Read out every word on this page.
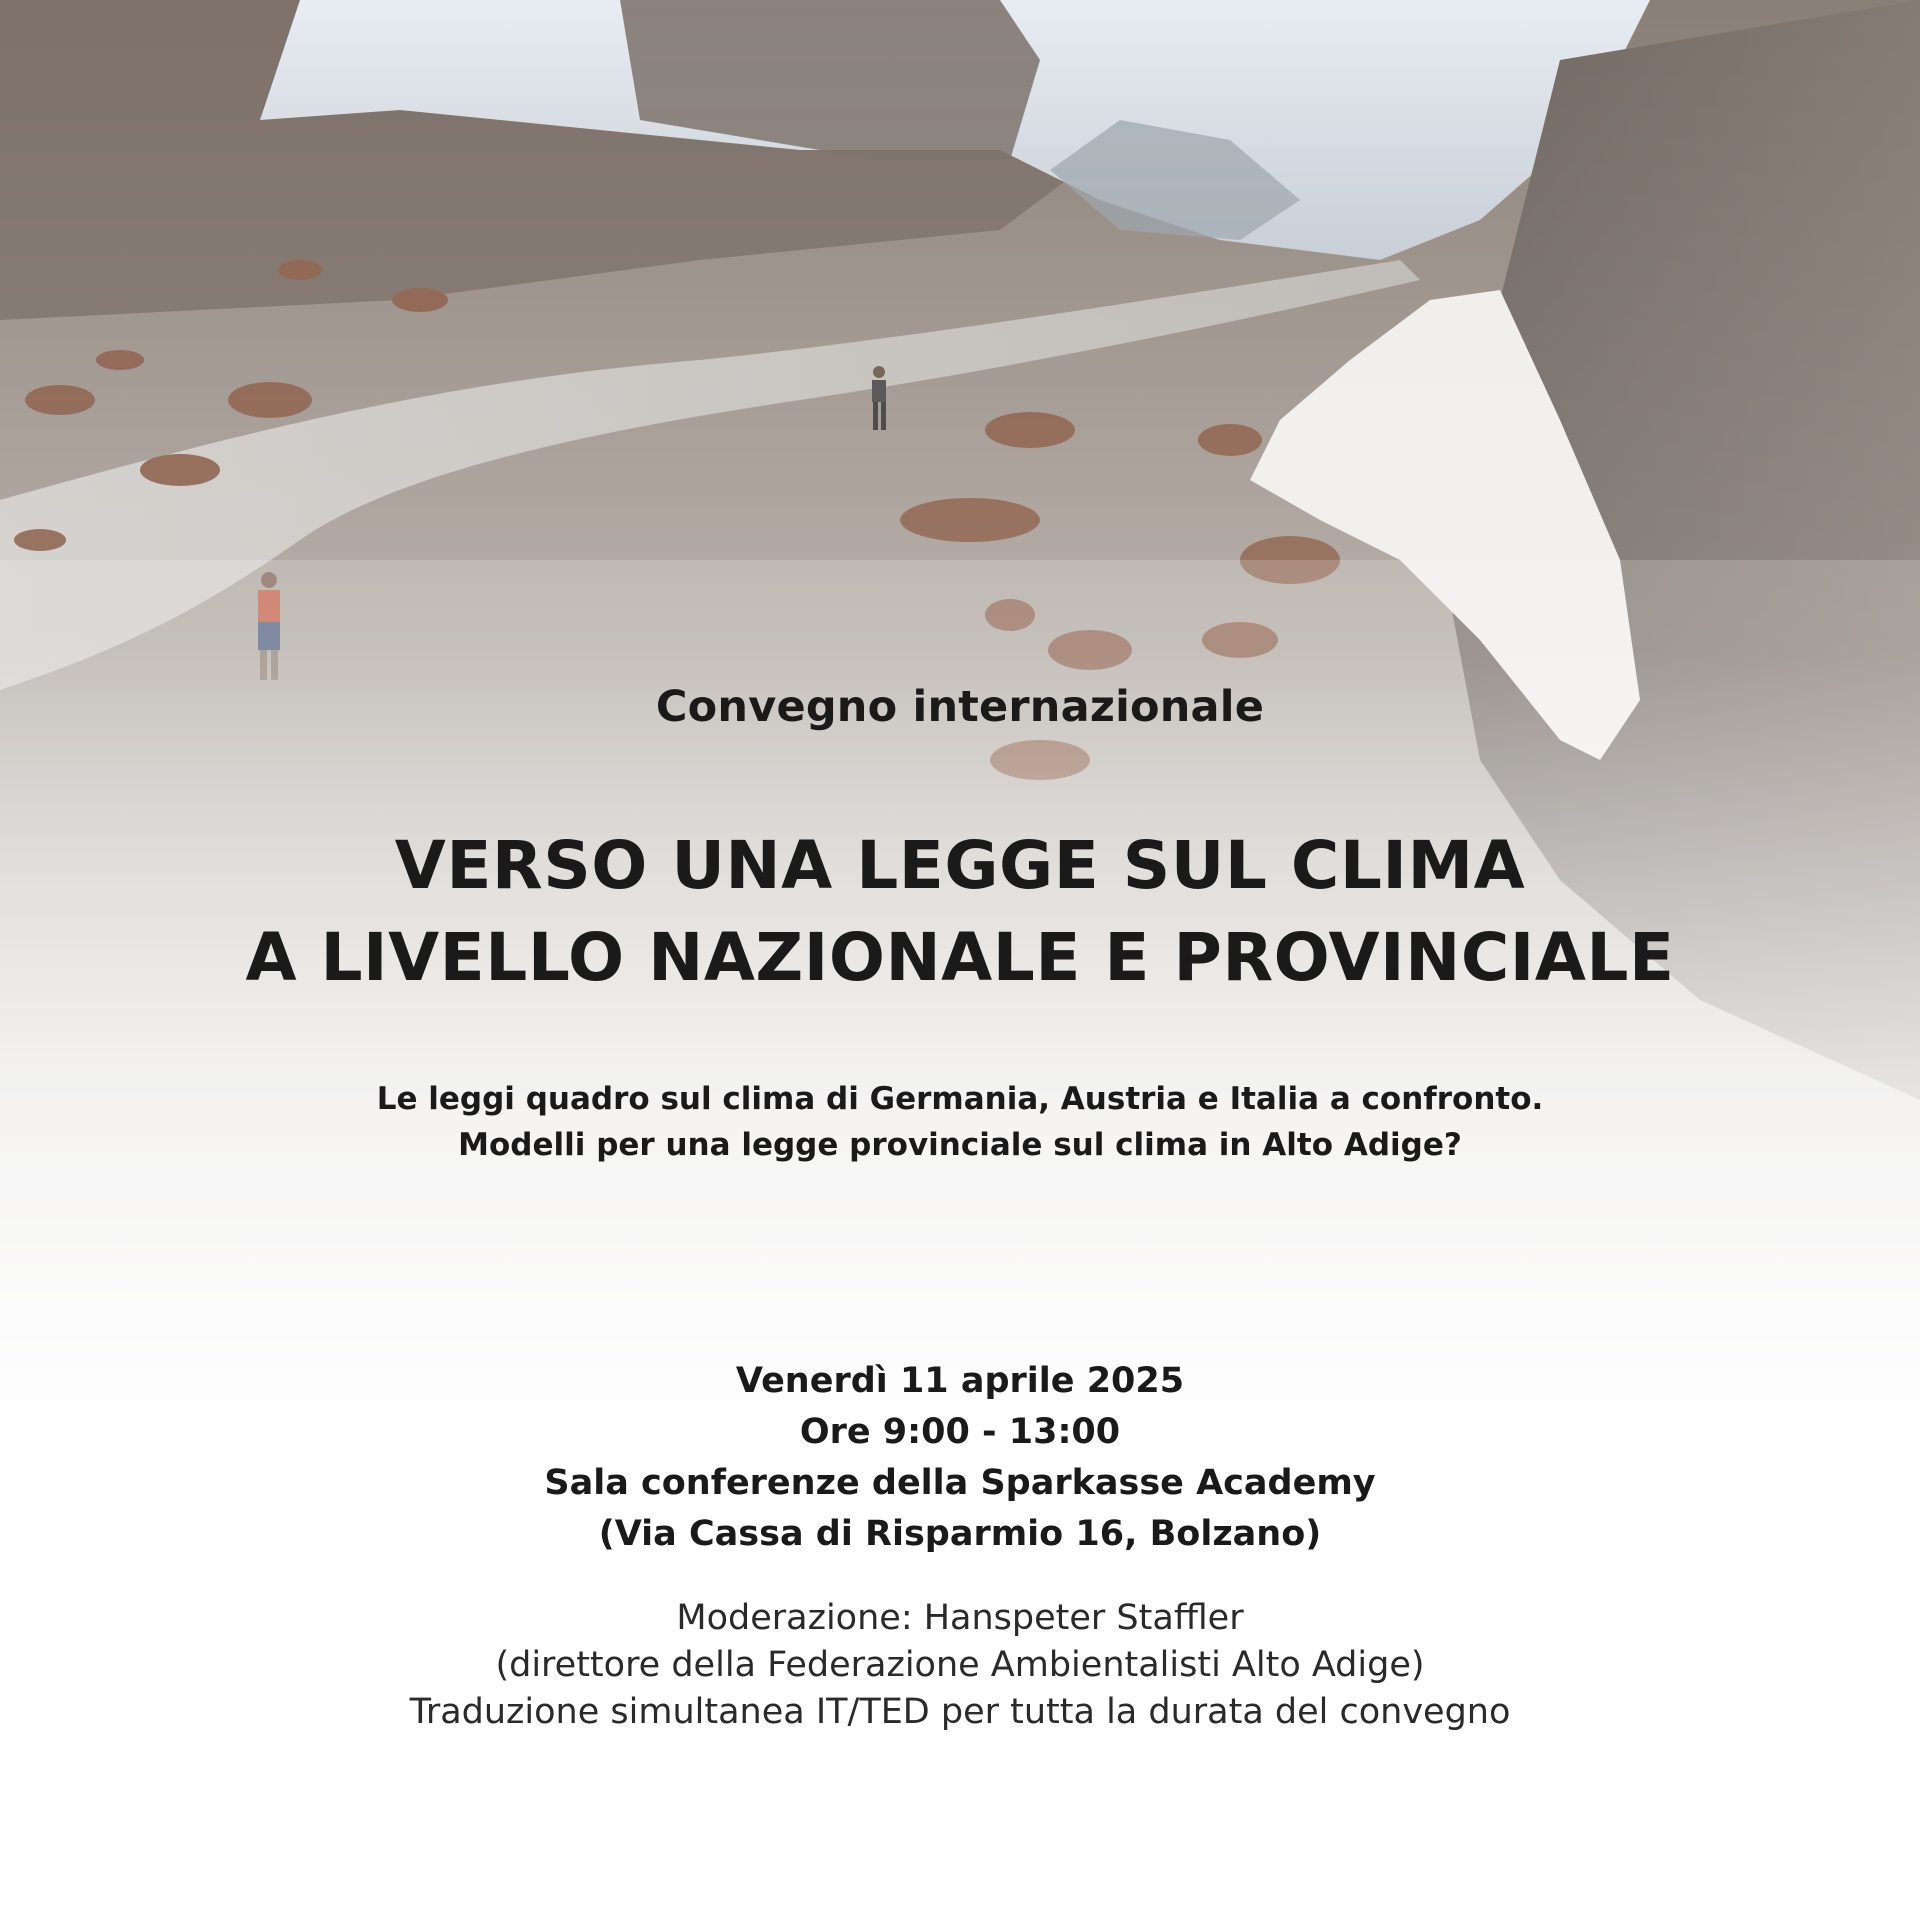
Convegno internazionale

VERSO UNA LEGGE SUL CLIMA
A LIVELLO NAZIONALE E PROVINCIALE
Le leggi quadro sul clima di Germania, Austria e Italia a confronto.
Modelli per una legge provinciale sul clima in Alto Adige?
Venerdì 11 aprile 2025
Ore 9:00 - 13:00
Sala conferenze della Sparkasse Academy
(Via Cassa di Risparmio 16, Bolzano)
Moderazione: Hanspeter Staffler
(direttore della Federazione Ambientalisti Alto Adige)
Traduzione simultanea IT/TED per tutta la durata del convegno
